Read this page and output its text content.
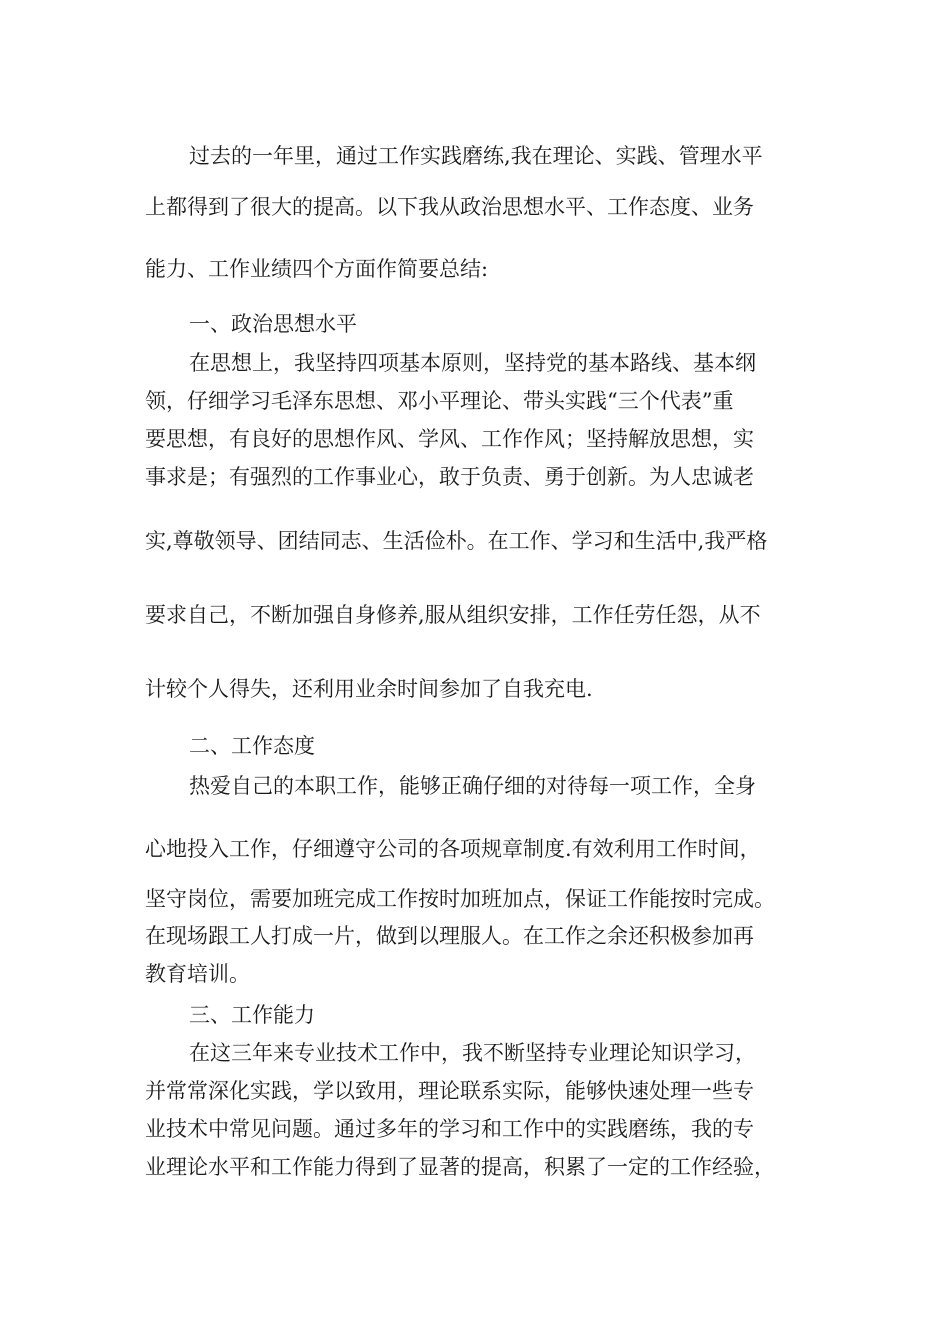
过去的一年里，通过工作实践磨练,我在理论、实践、管理水平
上都得到了很大的提高。以下我从政治思想水平、工作态度、业务
能力、工作业绩四个方面作简要总结:
一、政治思想水平
在思想上，我坚持四项基本原则，坚持党的基本路线、基本纲
领，仔细学习毛泽东思想、邓小平理论、带头实践“三个代表”重
要思想，有良好的思想作风、学风、工作作风；坚持解放思想，实
事求是；有强烈的工作事业心，敢于负责、勇于创新。为人忠诚老
实,尊敬领导、团结同志、生活俭朴。在工作、学习和生活中,我严格
要求自己，不断加强自身修养,服从组织安排，工作任劳任怨，从不
计较个人得失，还利用业余时间参加了自我充电.
二、工作态度
热爱自己的本职工作，能够正确仔细的对待每一项工作，全身
心地投入工作，仔细遵守公司的各项规章制度.有效利用工作时间，
坚守岗位，需要加班完成工作按时加班加点，保证工作能按时完成。
在现场跟工人打成一片，做到以理服人。在工作之余还积极参加再
教育培训。
三、工作能力
在这三年来专业技术工作中，我不断坚持专业理论知识学习，
并常常深化实践，学以致用，理论联系实际，能够快速处理一些专
业技术中常见问题。通过多年的学习和工作中的实践磨练，我的专
业理论水平和工作能力得到了显著的提高，积累了一定的工作经验，
